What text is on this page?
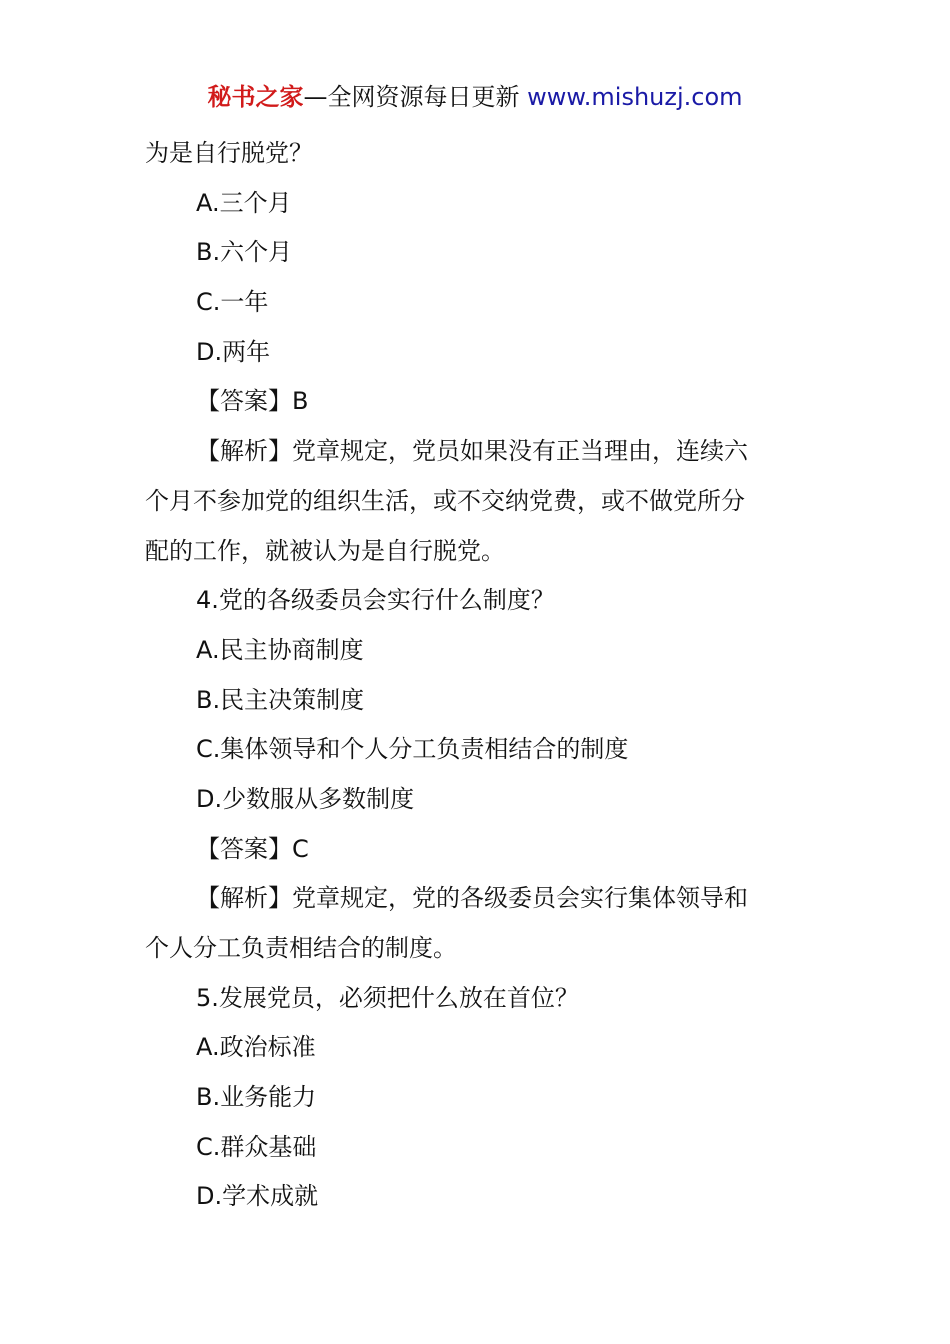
秘书之家—全网资源每日更新 www.mishuzj.com
为是自行脱党？
A.三个月
B.六个月
C.一年
D.两年
【答案】B
【解析】党章规定，党员如果没有正当理由，连续六
个月不参加党的组织生活，或不交纳党费，或不做党所分
配的工作，就被认为是自行脱党。
4.党的各级委员会实行什么制度？
A.民主协商制度
B.民主决策制度
C.集体领导和个人分工负责相结合的制度
D.少数服从多数制度
【答案】C
【解析】党章规定，党的各级委员会实行集体领导和
个人分工负责相结合的制度。
5.发展党员，必须把什么放在首位？
A.政治标准
B.业务能力
C.群众基础
D.学术成就
